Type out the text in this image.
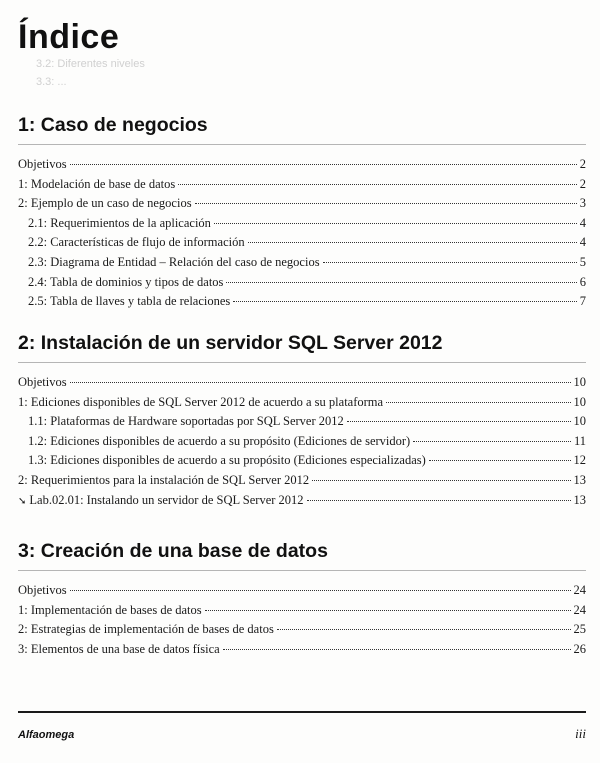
Índice
3.2: Diferentes niveles
3.3: ...
1: Caso de negocios
Objetivos	2
1: Modelación de base de datos	2
2: Ejemplo de un caso de negocios	3
2.1: Requerimientos de la aplicación	4
2.2: Características de flujo de información	4
2.3: Diagrama de Entidad – Relación del caso de negocios	5
2.4: Tabla de dominios y tipos de datos	6
2.5: Tabla de llaves y tabla de relaciones	7
2: Instalación de un servidor SQL Server 2012
Objetivos	10
1: Ediciones disponibles de SQL Server 2012 de acuerdo a su plataforma	10
1.1: Plataformas de Hardware soportadas por SQL Server 2012	10
1.2: Ediciones disponibles de acuerdo a su propósito (Ediciones de servidor)	11
1.3: Ediciones disponibles de acuerdo a su propósito (Ediciones especializadas)	12
2: Requerimientos para la instalación de SQL Server 2012	13
➘ Lab.02.01: Instalando un servidor de SQL Server 2012	13
3: Creación de una base de datos
Objetivos	24
1: Implementación de bases de datos	24
2: Estrategias de implementación de bases de datos	25
3: Elementos de una base de datos física	26
Alfaomega	iii
